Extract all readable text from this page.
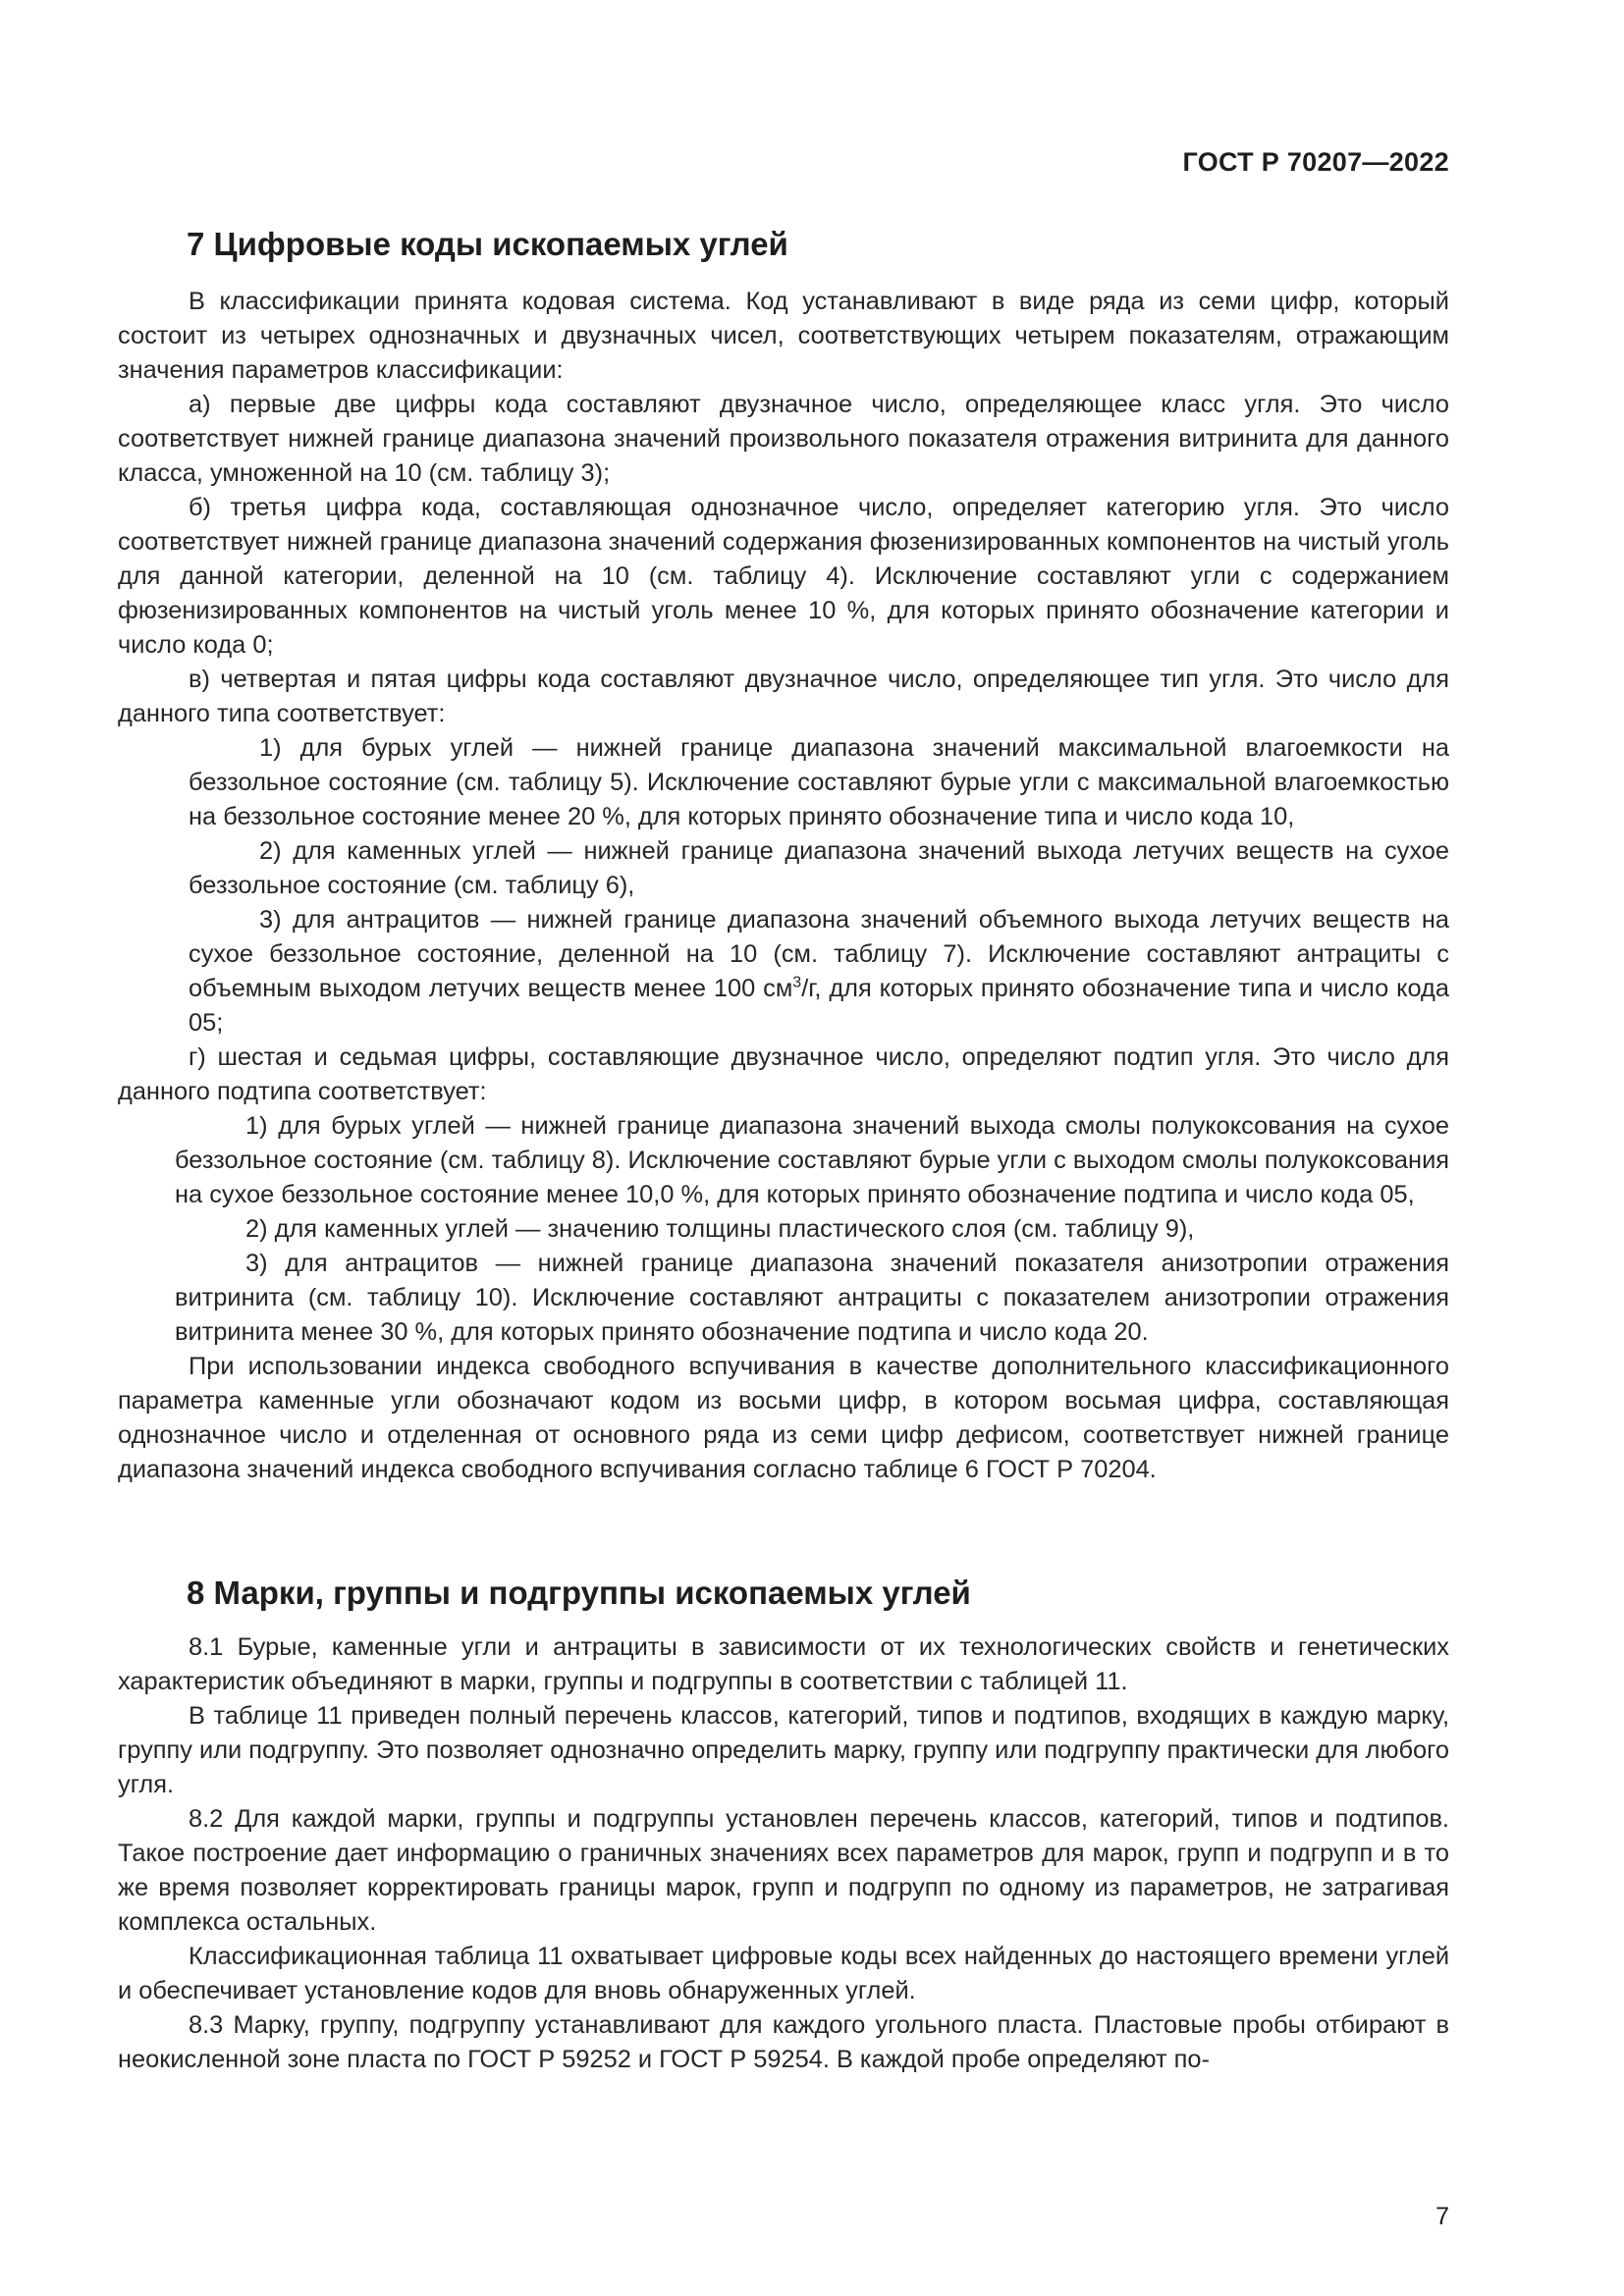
ГОСТ Р 70207—2022
7 Цифровые коды ископаемых углей

В классификации принята кодовая система. Код устанавливают в виде ряда из семи цифр, который состоит из четырех однозначных и двузначных чисел, соответствующих четырем показателям, отражающим значения параметров классификации:

а) первые две цифры кода составляют двузначное число, определяющее класс угля. Это число соответствует нижней границе диапазона значений произвольного показателя отражения витринита для данного класса, умноженной на 10 (см. таблицу 3);

б) третья цифра кода, составляющая однозначное число, определяет категорию угля. Это число соответствует нижней границе диапазона значений содержания фюзенизированных компонентов на чистый уголь для данной категории, деленной на 10 (см. таблицу 4). Исключение составляют угли с содержанием фюзенизированных компонентов на чистый уголь менее 10 %, для которых принято обозначение категории и число кода 0;

в) четвертая и пятая цифры кода составляют двузначное число, определяющее тип угля. Это число для данного типа соответствует:

1) для бурых углей — нижней границе диапазона значений максимальной влагоемкости на беззольное состояние (см. таблицу 5). Исключение составляют бурые угли с максимальной влагоемкостью на беззольное состояние менее 20 %, для которых принято обозначение типа и число кода 10,

2) для каменных углей — нижней границе диапазона значений выхода летучих веществ на сухое беззольное состояние (см. таблицу 6),

3) для антрацитов — нижней границе диапазона значений объемного выхода летучих веществ на сухое беззольное состояние, деленной на 10 (см. таблицу 7). Исключение составляют антрациты с объемным выходом летучих веществ менее 100 $см^3/г$, для которых принято обозначение типа и число кода 05;

г) шестая и седьмая цифры, составляющие двузначное число, определяют подтип угля. Это число для данного подтипа соответствует:

1) для бурых углей — нижней границе диапазона значений выхода смолы полукоксования на сухое беззольное состояние (см. таблицу 8). Исключение составляют бурые угли с выходом смолы полукоксования на сухое беззольное состояние менее 10,0 %, для которых принято обозначение подтипа и число кода 05,

2) для каменных углей — значению толщины пластического слоя (см. таблицу 9),

3) для антрацитов — нижней границе диапазона значений показателя анизотропии отражения витринита (см. таблицу 10). Исключение составляют антрациты с показателем анизотропии отражения витринита менее 30 %, для которых принято обозначение подтипа и число кода 20.

При использовании индекса свободного вспучивания в качестве дополнительного классификационного параметра каменные угли обозначают кодом из восьми цифр, в котором восьмая цифра, составляющая однозначное число и отделенная от основного ряда из семи цифр дефисом, соответствует нижней границе диапазона значений индекса свободного вспучивания согласно таблице 6 ГОСТ Р 70204.

8 Марки, группы и подгруппы ископаемых углей

8.1 Бурые, каменные угли и антрациты в зависимости от их технологических свойств и генетических характеристик объединяют в марки, группы и подгруппы в соответствии с таблицей 11.

В таблице 11 приведен полный перечень классов, категорий, типов и подтипов, входящих в каждую марку, группу или подгруппу. Это позволяет однозначно определить марку, группу или подгруппу практически для любого угля.

8.2 Для каждой марки, группы и подгруппы установлен перечень классов, категорий, типов и подтипов. Такое построение дает информацию о граничных значениях всех параметров для марок, групп и подгрупп и в то же время позволяет корректировать границы марок, групп и подгрупп по одному из параметров, не затрагивая комплекса остальных.

Классификационная таблица 11 охватывает цифровые коды всех найденных до настоящего времени углей и обеспечивает установление кодов для вновь обнаруженных углей.

8.3 Марку, группу, подгруппу устанавливают для каждого угольного пласта. Пластовые пробы отбирают в неокисленной зоне пласта по ГОСТ Р 59252 и ГОСТ Р 59254. В каждой пробе определяют по-

7
